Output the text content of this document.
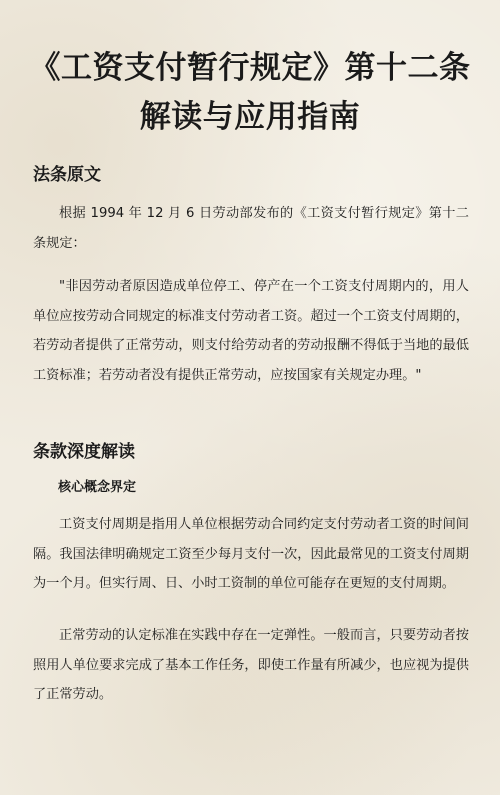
《工资支付暂行规定》第十二条解读与应用指南
法条原文

根据 1994 年 12 月 6 日劳动部发布的《工资支付暂行规定》第十二条规定：

"非因劳动者原因造成单位停工、停产在一个工资支付周期内的，用人单位应按劳动合同规定的标准支付劳动者工资。超过一个工资支付周期的，若劳动者提供了正常劳动，则支付给劳动者的劳动报酬不得低于当地的最低工资标准；若劳动者没有提供正常劳动，应按国家有关规定办理。"

条款深度解读
核心概念界定

工资支付周期是指用人单位根据劳动合同约定支付劳动者工资的时间间隔。我国法律明确规定工资至少每月支付一次，因此最常见的工资支付周期为一个月。但实行周、日、小时工资制的单位可能存在更短的支付周期。

正常劳动的认定标准在实践中存在一定弹性。一般而言，只要劳动者按照用人单位要求完成了基本工作任务，即使工作量有所减少，也应视为提供了正常劳动。
